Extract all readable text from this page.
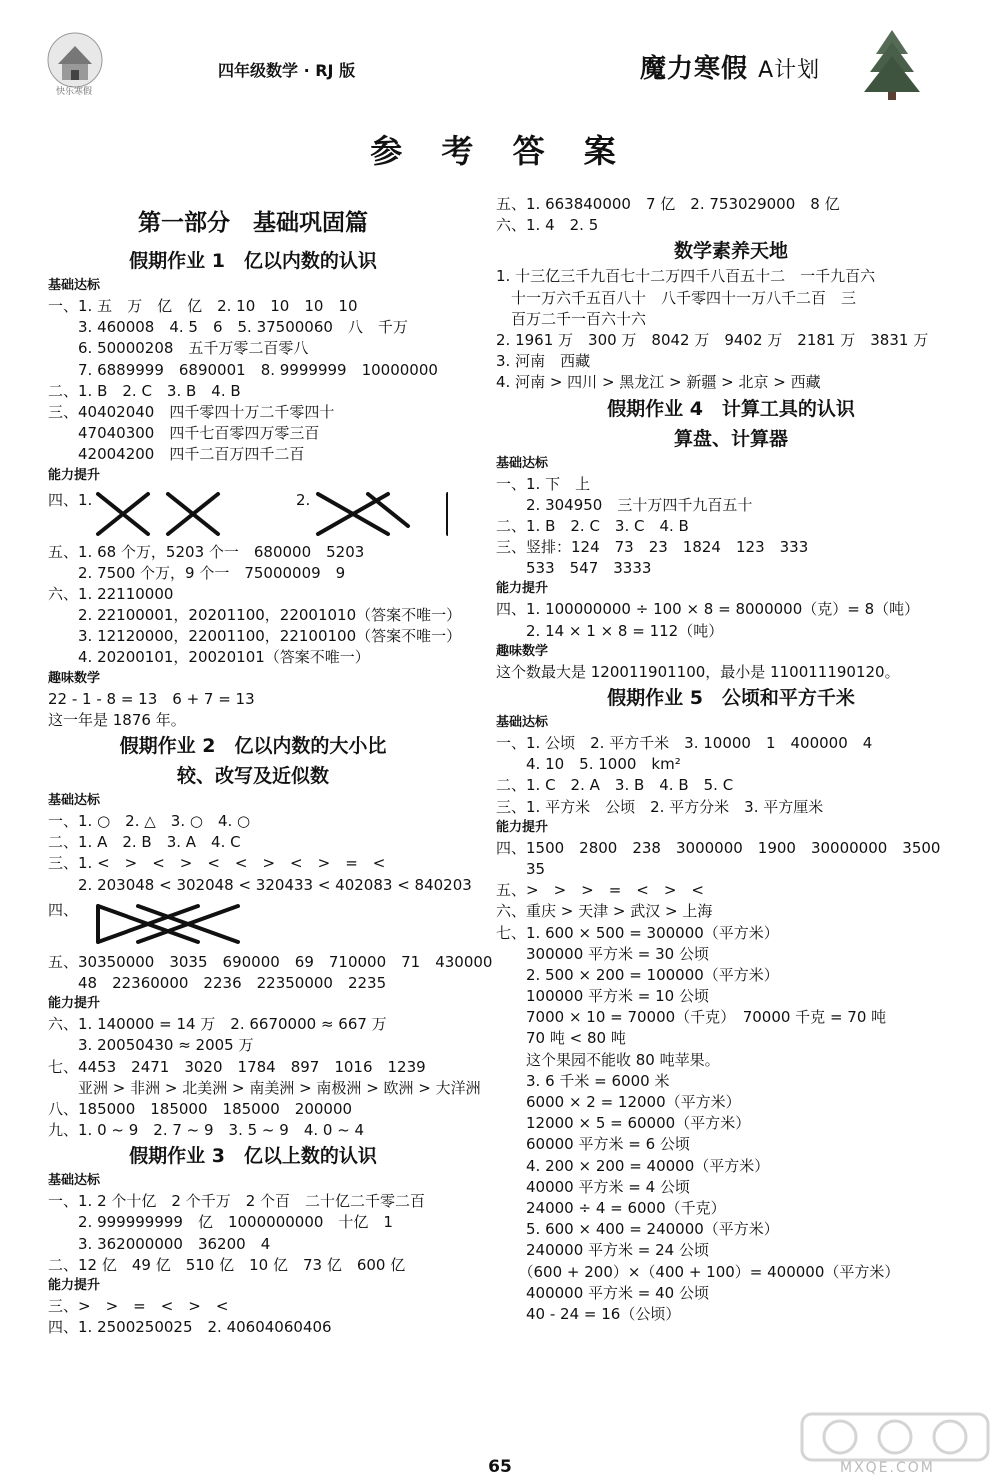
快乐寒假
四年级数学 · RJ 版	魔力寒假 A计划
参 考 答 案
第一部分　基础巩固篇
假期作业 1　亿以内数的认识
基础达标
一、1. 五　万　亿　亿　2. 10　10　10　10
　　3. 460008　4. 5　6　5. 37500060　八　千万
　　6. 50000208　五千万零二百零八
　　7. 6889999　6890001　8. 9999999　10000000
二、1. B　2. C　3. B　4. B
三、40402040　四千零四十万二千零四十
　　47040300　四千七百零四万零三百
　　42004200　四千二百万四千二百
能力提升
四、1.	2.
五、1. 68 个万，5203 个一　680000　5203
　　2. 7500 个万，9 个一　75000009　9
六、1. 22110000
　　2. 22100001，20201100，22001010（答案不唯一）
　　3. 12120000，22001100，22100100（答案不唯一）
　　4. 20200101，20020101（答案不唯一）
趣味数学
22 - 1 - 8 = 13　6 + 7 = 13
这一年是 1876 年。
假期作业 2　亿以内数的大小比
较、改写及近似数
基础达标
一、1. ○　2. △　3. ○　4. ○
二、1. A　2. B　3. A　4. C
三、1. <　>　<　>　<　<　>　<　>　=　<
　　2. 203048 < 302048 < 320433 < 402083 < 840203
四、
五、30350000　3035　690000　69　710000　71　430000
　　48　22360000　2236　22350000　2235
能力提升
六、1. 140000 = 14 万　2. 6670000 ≈ 667 万
　　3. 20050430 ≈ 2005 万
七、4453　2471　3020　1784　897　1016　1239
　　亚洲 > 非洲 > 北美洲 > 南美洲 > 南极洲 > 欧洲 > 大洋洲
八、185000　185000　185000　200000
九、1. 0 ~ 9　2. 7 ~ 9　3. 5 ~ 9　4. 0 ~ 4
假期作业 3　亿以上数的认识
基础达标
一、1. 2 个十亿　2 个千万　2 个百　二十亿二千零二百
　　2. 999999999　亿　1000000000　十亿　1
　　3. 362000000　36200　4
二、12 亿　49 亿　510 亿　10 亿　73 亿　600 亿
能力提升
三、>　>　=　<　>　<
四、1. 2500250025　2. 40604060406
五、1. 663840000　7 亿　2. 753029000　8 亿
六、1. 4　2. 5
数学素养天地
1. 十三亿三千九百七十二万四千八百五十二　一千九百六
　十一万六千五百八十　八千零四十一万八千二百　三
　百万二千一百六十六
2. 1961 万　300 万　8042 万　9402 万　2181 万　3831 万
3. 河南　西藏
4. 河南 > 四川 > 黑龙江 > 新疆 > 北京 > 西藏
假期作业 4　计算工具的认识
算盘、计算器
基础达标
一、1. 下　上
　　2. 304950　三十万四千九百五十
二、1. B　2. C　3. C　4. B
三、竖排：124　73　23　1824　123　333
　　533　547　3333
能力提升
四、1. 100000000 ÷ 100 × 8 = 8000000（克）= 8（吨）
　　2. 14 × 1 × 8 = 112（吨）
趣味数学
这个数最大是 120011901100，最小是 110011190120。
假期作业 5　公顷和平方千米
基础达标
一、1. 公顷　2. 平方千米　3. 10000　1　400000　4
　　4. 10　5. 1000　km²
二、1. C　2. A　3. B　4. B　5. C
三、1. 平方米　公顷　2. 平方分米　3. 平方厘米
能力提升
四、1500　2800　238　3000000　1900　30000000　3500
　　35
五、>　>　>　=　<　>　<
六、重庆 > 天津 > 武汉 > 上海
七、1. 600 × 500 = 300000（平方米）
　　300000 平方米 = 30 公顷
　　2. 500 × 200 = 100000（平方米）
　　100000 平方米 = 10 公顷
　　7000 × 10 = 70000（千克）　70000 千克 = 70 吨
　　70 吨 < 80 吨
　　这个果园不能收 80 吨苹果。
　　3. 6 千米 = 6000 米
　　6000 × 2 = 12000（平方米）
　　12000 × 5 = 60000（平方米）
　　60000 平方米 = 6 公顷
　　4. 200 × 200 = 40000（平方米）
　　40000 平方米 = 4 公顷
　　24000 ÷ 4 = 6000（千克）
　　5. 600 × 400 = 240000（平方米）
　　240000 平方米 = 24 公顷
　　（600 + 200）×（400 + 100）= 400000（平方米）
　　400000 平方米 = 40 公顷
　　40 - 24 = 16（公顷）
65	MXQE.COM
